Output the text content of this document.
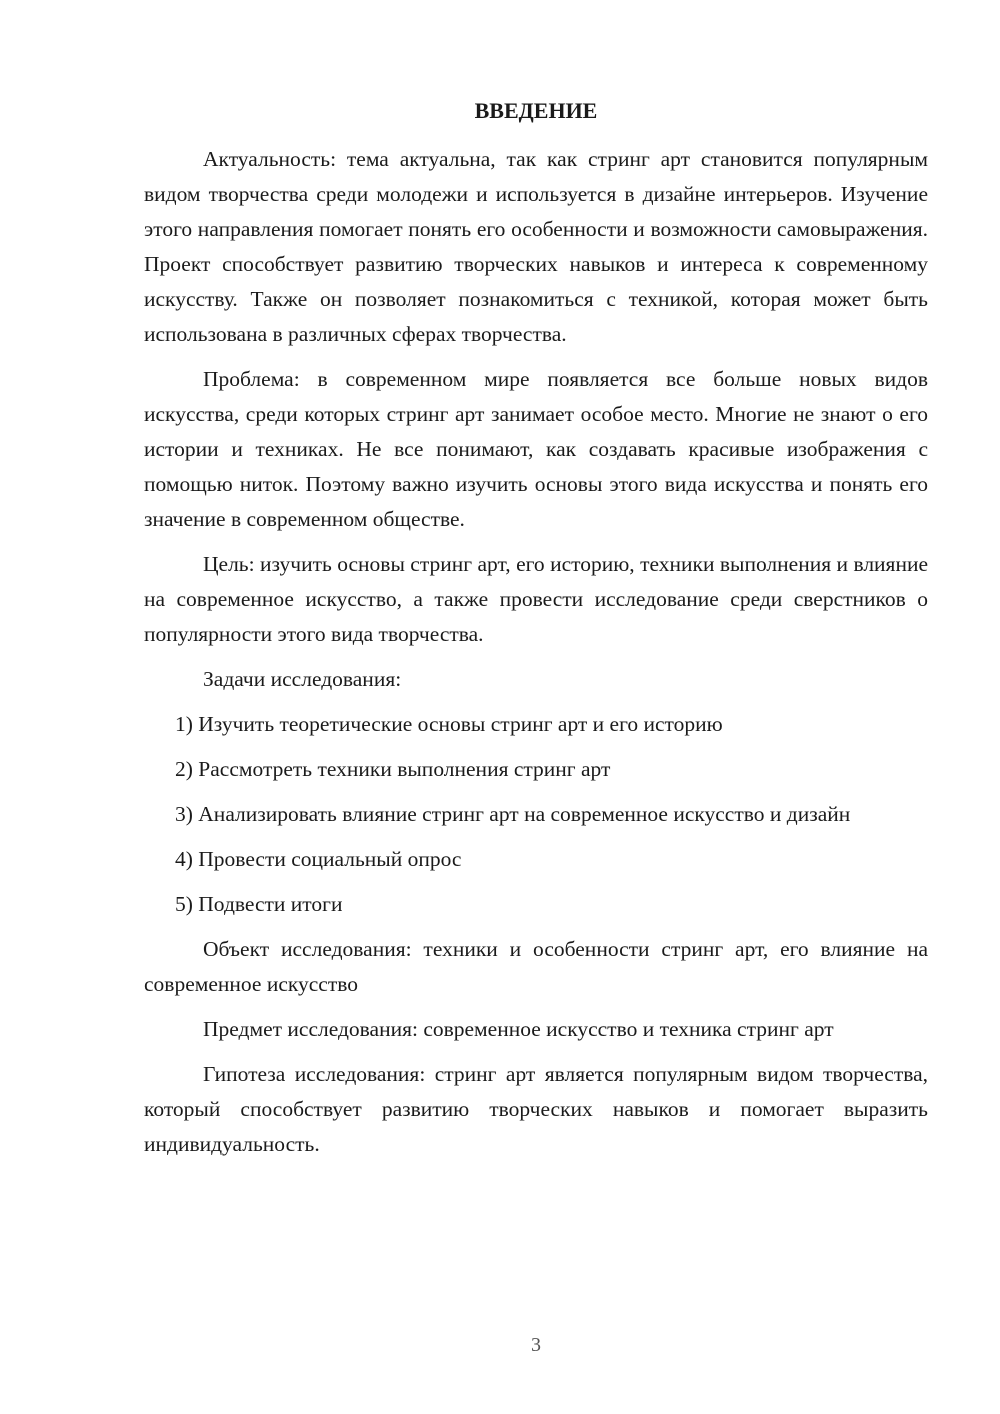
ВВЕДЕНИЕ

Актуальность: тема актуальна, так как стринг арт становится популярным видом творчества среди молодежи и используется в дизайне интерьеров. Изучение этого направления помогает понять его особенности и возможности самовыражения. Проект способствует развитию творческих навыков и интереса к современному искусству. Также он позволяет познакомиться с техникой, которая может быть использована в различных сферах творчества.

Проблема: в современном мире появляется все больше новых видов искусства, среди которых стринг арт занимает особое место. Многие не знают о его истории и техниках. Не все понимают, как создавать красивые изображения с помощью ниток. Поэтому важно изучить основы этого вида искусства и понять его значение в современном обществе.

Цель: изучить основы стринг арт, его историю, техники выполнения и влияние на современное искусство, а также провести исследование среди сверстников о популярности этого вида творчества.

Задачи исследования:

1) Изучить теоретические основы стринг арт и его историю

2) Рассмотреть техники выполнения стринг арт

3) Анализировать влияние стринг арт на современное искусство и дизайн

4) Провести социальный опрос

5) Подвести итоги

Объект исследования: техники и особенности стринг арт, его влияние на современное искусство

Предмет исследования: современное искусство и техника стринг арт

Гипотеза исследования: стринг арт является популярным видом творчества, который способствует развитию творческих навыков и помогает выразить индивидуальность.

3
